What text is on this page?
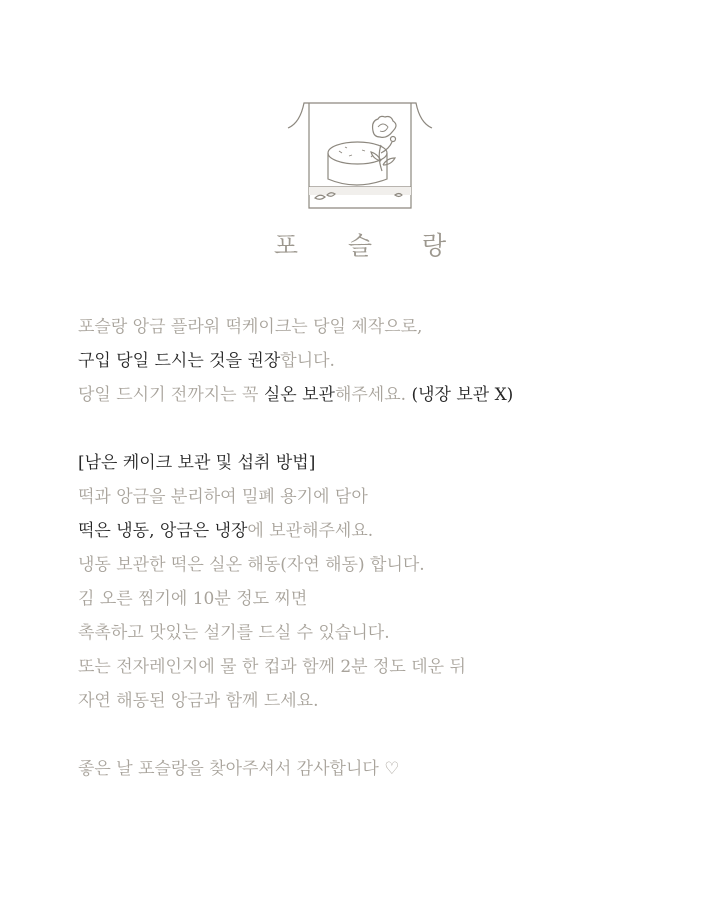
포 슬 랑
포슬랑 앙금 플라워 떡케이크는 당일 제작으로,
구입 당일 드시는 것을 권장합니다.
당일 드시기 전까지는 꼭 실온 보관해주세요. (냉장 보관 X)
[남은 케이크 보관 및 섭취 방법]
떡과 앙금을 분리하여 밀폐 용기에 담아
떡은 냉동, 앙금은 냉장에 보관해주세요.
냉동 보관한 떡은 실온 해동(자연 해동) 합니다.
김 오른 찜기에 10분 정도 찌면
촉촉하고 맛있는 설기를 드실 수 있습니다.
또는 전자레인지에 물 한 컵과 함께 2분 정도 데운 뒤
자연 해동된 앙금과 함께 드세요.
좋은 날 포슬랑을 찾아주셔서 감사합니다 ♡
